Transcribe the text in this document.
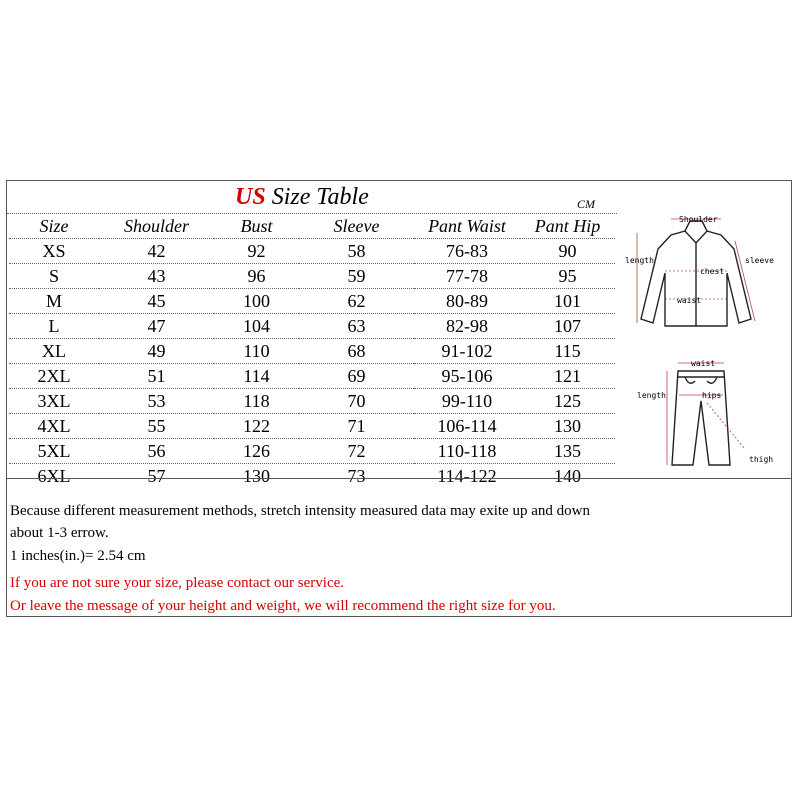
US Size Table	CM
Size	Shoulder	Bust	Sleeve	Pant Waist	Pant Hip
XS	42	92	58	76-83	90
S	43	96	59	77-78	95
M	45	100	62	80-89	101
L	47	104	63	82-98	107
XL	49	110	68	91-102	115
2XL	51	114	69	95-106	121
3XL	53	118	70	99-110	125
4XL	55	122	71	106-114	130
5XL	56	126	72	110-118	135
6XL	57	130	73	114-122	140
Shoulder
length
chest
sleeve
waist
waist
length	hips
thigh
Because different measurement methods, stretch intensity measured data may exite up and down
about 1-3 errow.
1 inches(in.)= 2.54 cm
If you are not sure your size, please contact our service.
Or leave the message of your height and weight, we will recommend the right size for you.
